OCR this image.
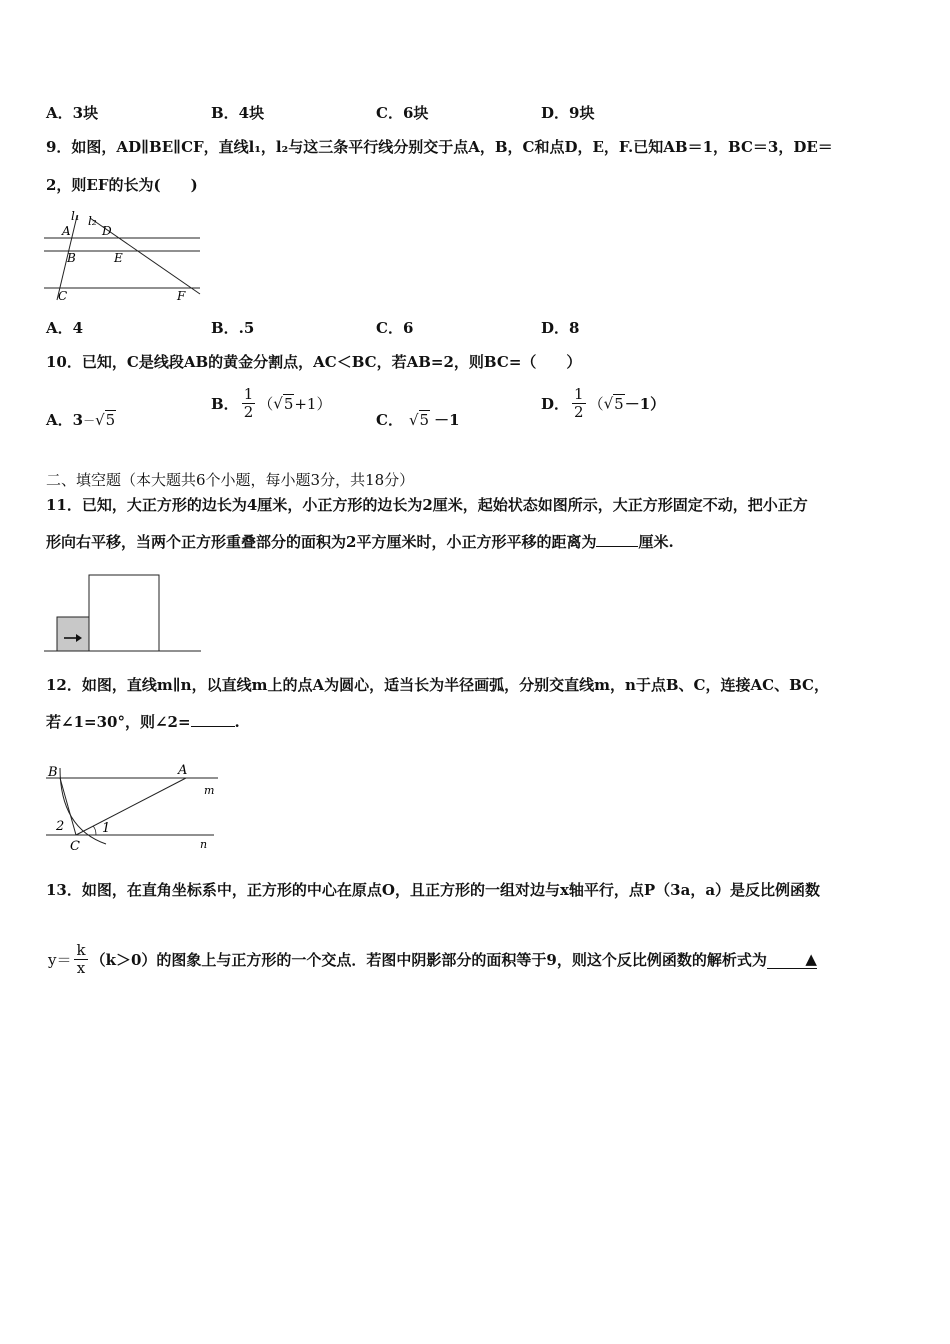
A．3块	B．4块	C．6块	D．9块
9．如图，AD∥BE∥CF，直线l₁，l₂与这三条平行线分别交于点A，B，C和点D，E，F.已知AB＝1，BC＝3，DE＝
2，则EF的长为(　　)
l₁ l₂
A	D
B	E
C	F
A．4	B．.5	C．6	D．8
10．已知，C是线段AB的黄金分割点，AC＜BC，若AB=2，则BC=（　　）
A．3－√5
B． $\frac{1}{2} (√5+1)$
C． √5 －1
D． $\frac{1}{2} (√5-1)$
二、填空题（本大题共6个小题，每小题3分，共18分）
11．已知，大正方形的边长为4厘米，小正方形的边长为2厘米，起始状态如图所示，大正方形固定不动，把小正方
形向右平移，当两个正方形重叠部分的面积为2平方厘米时，小正方形平移的距离为	厘米.
12．如图，直线m∥n，以直线m上的点A为圆心，适当长为半径画弧，分别交直线m，n于点B、C，连接AC、BC，
若∠1=30°，则∠2=	.
B	A
m
2	1
C	n
13．如图，在直角坐标系中，正方形的中心在原点O，且正方形的一组对边与x轴平行，点P（3a，a）是反比例函数
$y= \frac{k}{x} (k>0)$的图象上与正方形的一个交点．若图中阴影部分的面积等于9，则这个反比例函数的解析式为	▲
